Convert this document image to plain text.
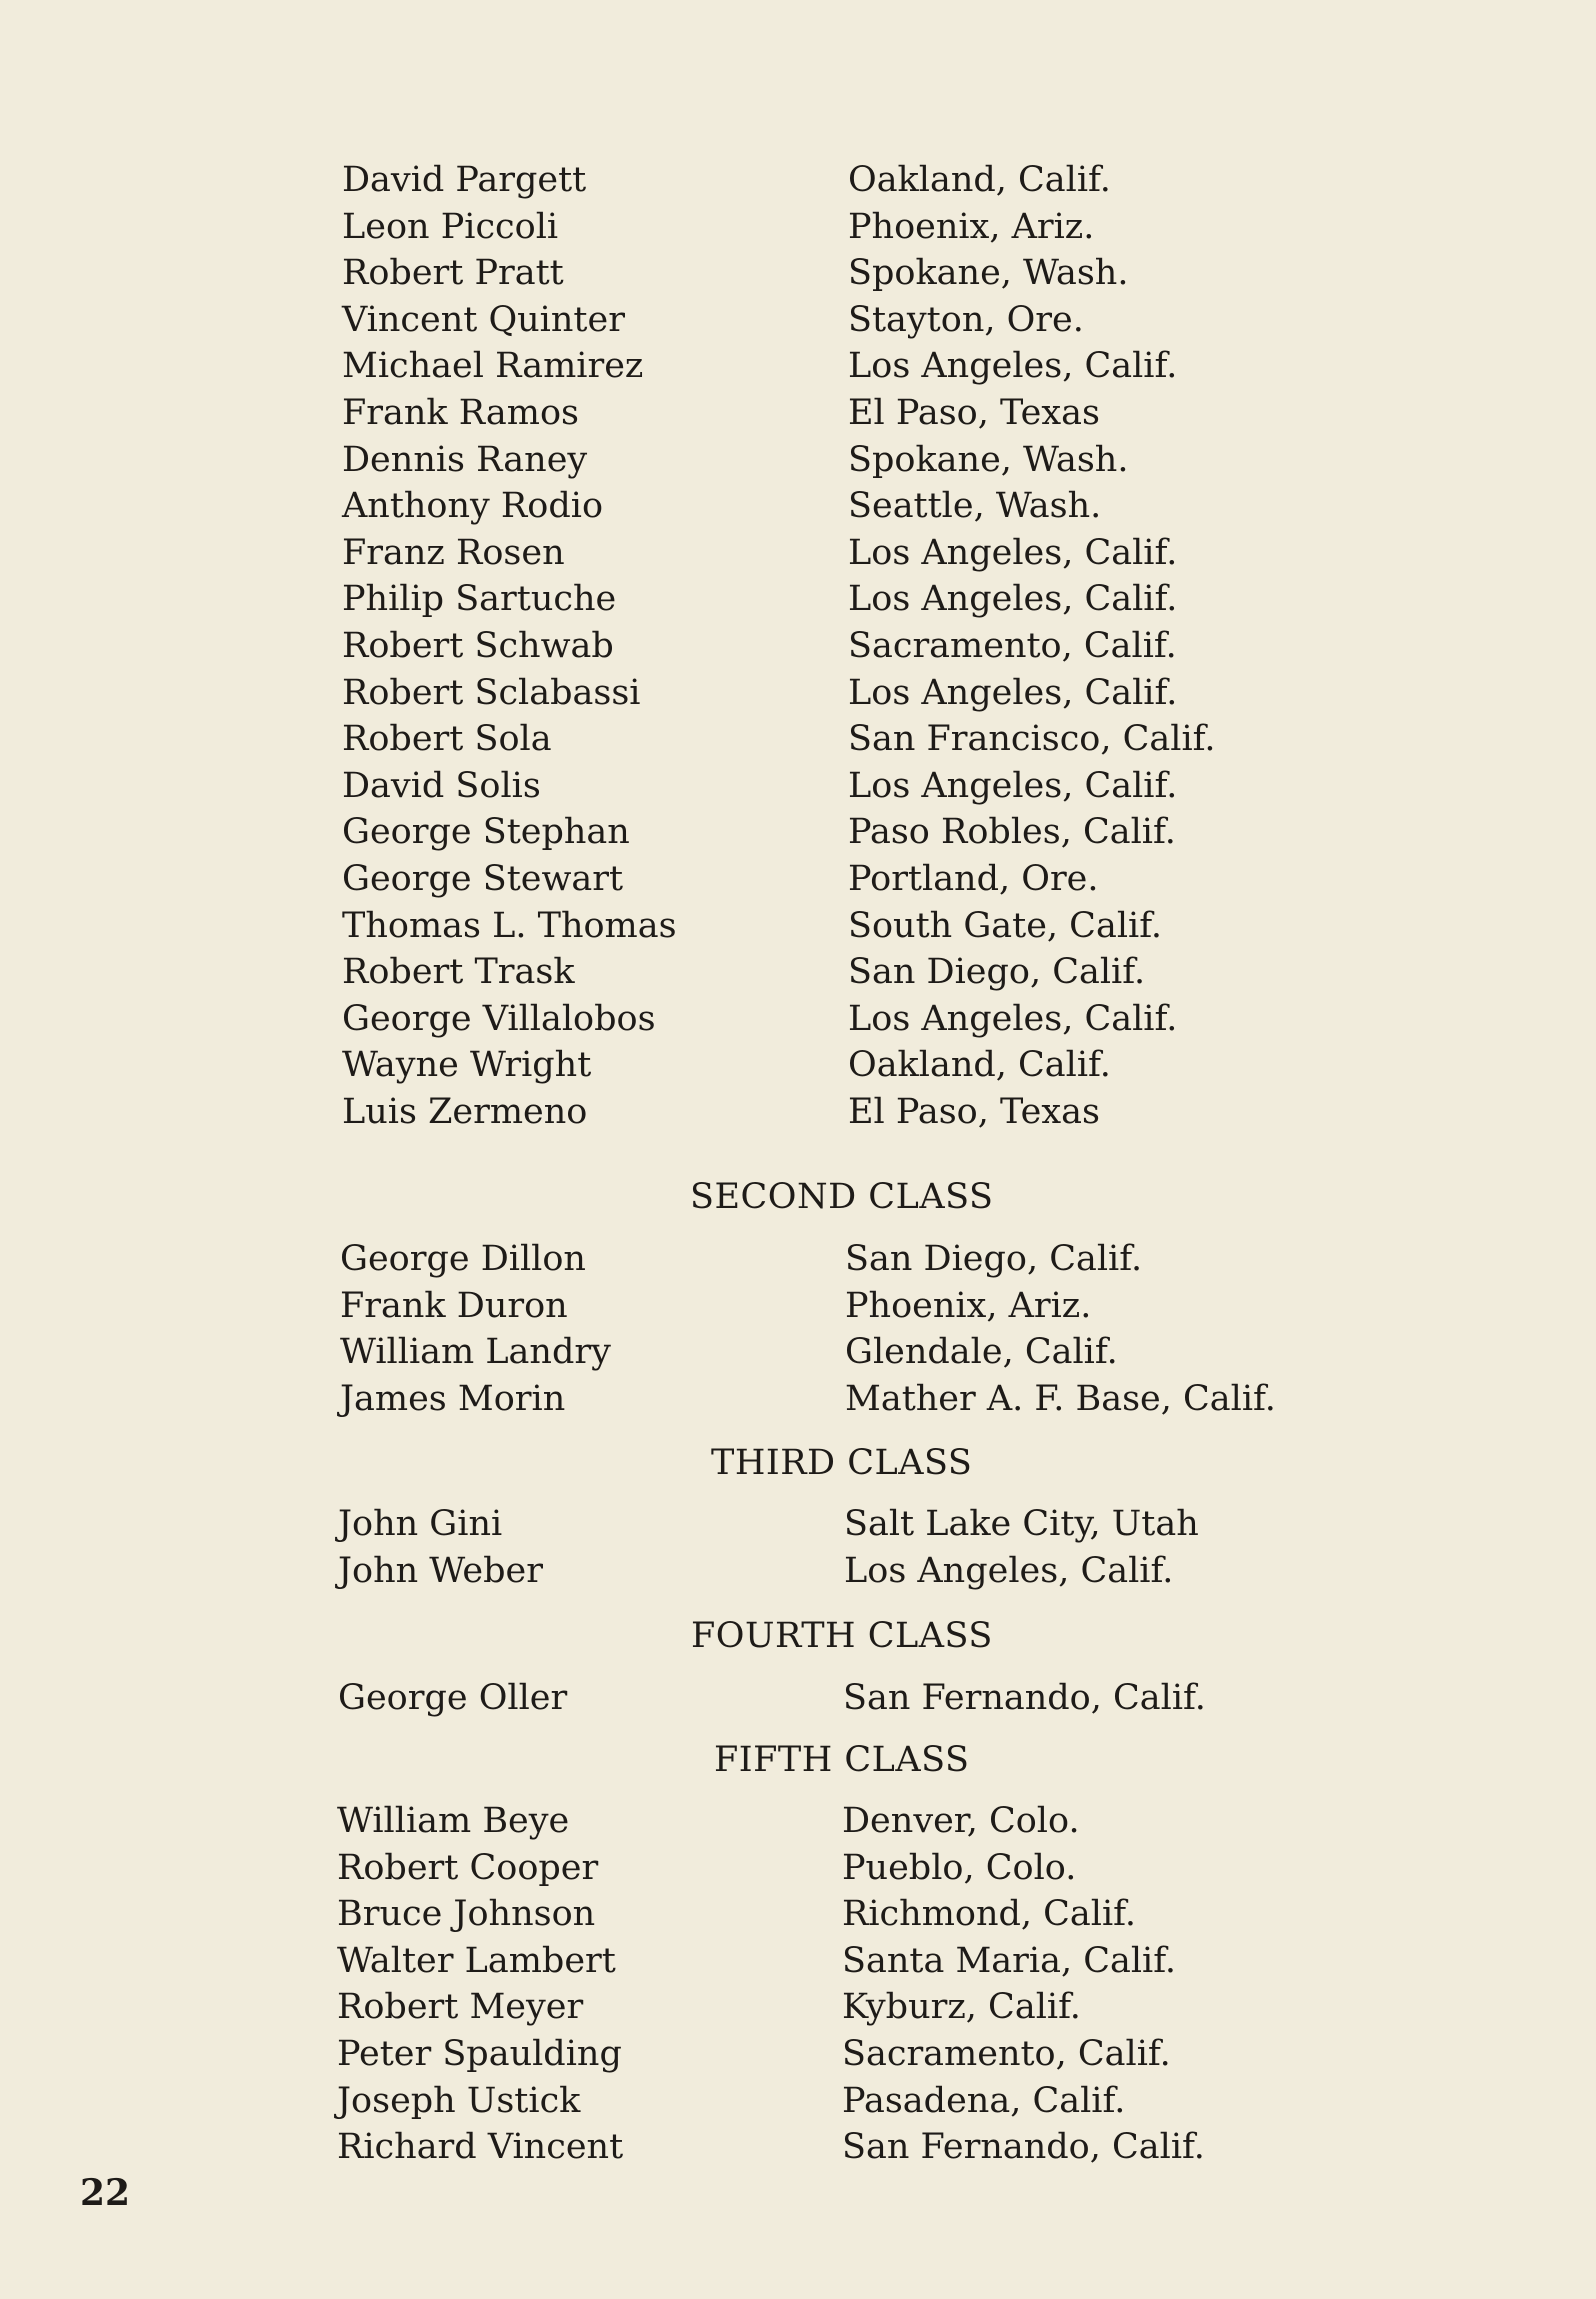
David Pargett	Oakland, Calif.
Leon Piccoli	Phoenix, Ariz.
Robert Pratt	Spokane, Wash.
Vincent Quinter	Stayton, Ore.
Michael Ramirez	Los Angeles, Calif.
Frank Ramos	El Paso, Texas
Dennis Raney	Spokane, Wash.
Anthony Rodio	Seattle, Wash.
Franz Rosen	Los Angeles, Calif.
Philip Sartuche	Los Angeles, Calif.
Robert Schwab	Sacramento, Calif.
Robert Sclabassi	Los Angeles, Calif.
Robert Sola	San Francisco, Calif.
David Solis	Los Angeles, Calif.
George Stephan	Paso Robles, Calif.
George Stewart	Portland, Ore.
Thomas L. Thomas	South Gate, Calif.
Robert Trask	San Diego, Calif.
George Villalobos	Los Angeles, Calif.
Wayne Wright	Oakland, Calif.
Luis Zermeno	El Paso, Texas
SECOND CLASS
George Dillon	San Diego, Calif.
Frank Duron	Phoenix, Ariz.
William Landry	Glendale, Calif.
James Morin	Mather A. F. Base, Calif.
THIRD CLASS
John Gini	Salt Lake City, Utah
John Weber	Los Angeles, Calif.
FOURTH CLASS
George Oller	San Fernando, Calif.
FIFTH CLASS
William Beye	Denver, Colo.
Robert Cooper	Pueblo, Colo.
Bruce Johnson	Richmond, Calif.
Walter Lambert	Santa Maria, Calif.
Robert Meyer	Kyburz, Calif.
Peter Spaulding	Sacramento, Calif.
Joseph Ustick	Pasadena, Calif.
Richard Vincent	San Fernando, Calif.
22
